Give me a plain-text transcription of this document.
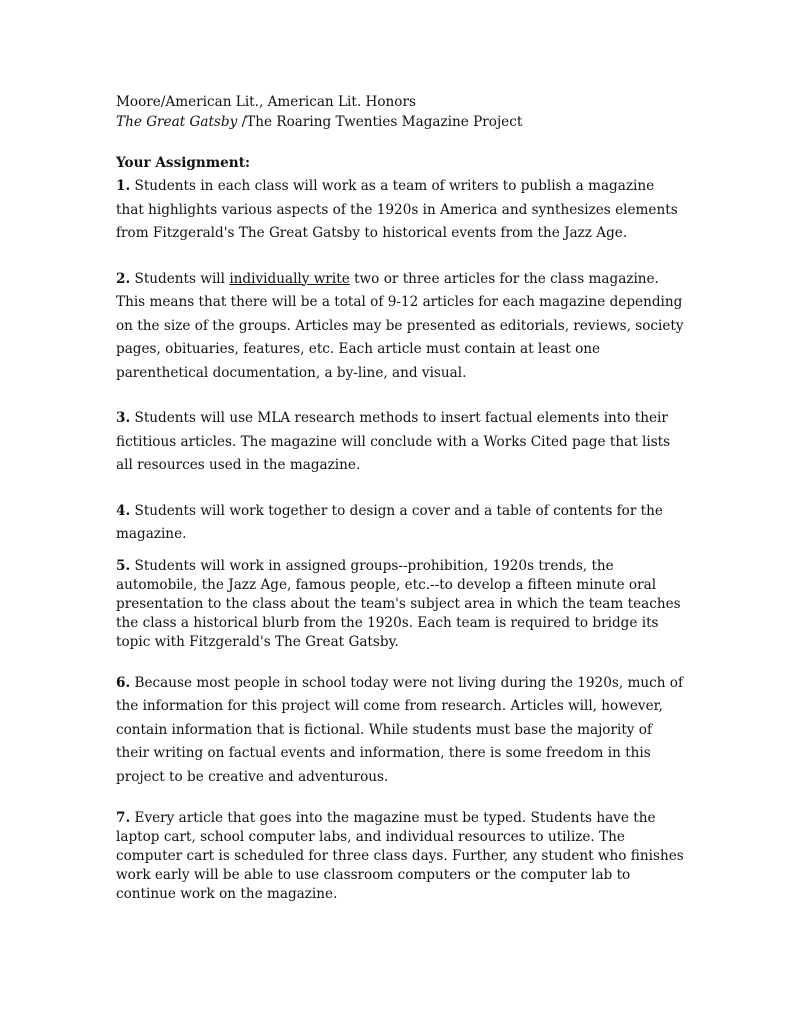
Moore/American Lit., American Lit. Honors

The Great Gatsby /The Roaring Twenties Magazine Project

Your Assignment:

1. Students in each class will work as a team of writers to publish a magazine that highlights various aspects of the 1920s in America and synthesizes elements from Fitzgerald's The Great Gatsby to historical events from the Jazz Age.

2. Students will individually write two or three articles for the class magazine. This means that there will be a total of 9-12 articles for each magazine depending on the size of the groups. Articles may be presented as editorials, reviews, society pages, obituaries, features, etc. Each article must contain at least one parenthetical documentation, a by-line, and visual.

3. Students will use MLA research methods to insert factual elements into their fictitious articles. The magazine will conclude with a Works Cited page that lists all resources used in the magazine.

4. Students will work together to design a cover and a table of contents for the magazine.

5. Students will work in assigned groups--prohibition, 1920s trends, the automobile, the Jazz Age, famous people, etc.--to develop a fifteen minute oral presentation to the class about the team's subject area in which the team teaches the class a historical blurb from the 1920s. Each team is required to bridge its topic with Fitzgerald's The Great Gatsby.

6. Because most people in school today were not living during the 1920s, much of the information for this project will come from research. Articles will, however, contain information that is fictional. While students must base the majority of their writing on factual events and information, there is some freedom in this project to be creative and adventurous.

7. Every article that goes into the magazine must be typed. Students have the laptop cart, school computer labs, and individual resources to utilize. The computer cart is scheduled for three class days. Further, any student who finishes work early will be able to use classroom computers or the computer lab to continue work on the magazine.
